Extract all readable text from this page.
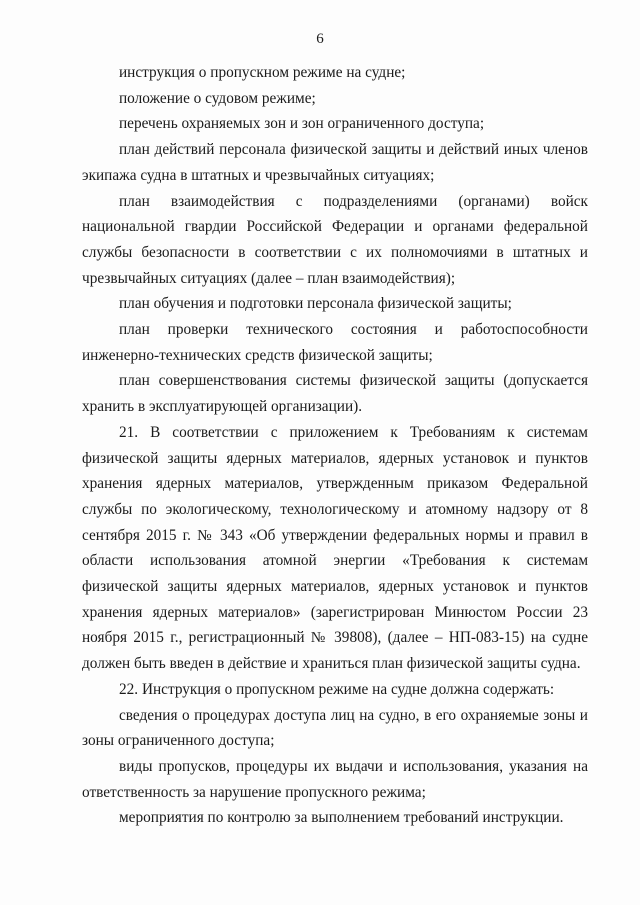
6

инструкция о пропускном режиме на судне;

положение о судовом режиме;

перечень охраняемых зон и зон ограниченного доступа;

план действий персонала физической защиты и действий иных членов экипажа судна в штатных и чрезвычайных ситуациях;

план взаимодействия с подразделениями (органами) войск национальной гвардии Российской Федерации и органами федеральной службы безопасности в соответствии с их полномочиями в штатных и чрезвычайных ситуациях (далее – план взаимодействия);

план обучения и подготовки персонала физической защиты;

план проверки технического состояния и работоспособности инженерно-технических средств физической защиты;

план совершенствования системы физической защиты (допускается хранить в эксплуатирующей организации).

21. В соответствии с приложением к Требованиям к системам физической защиты ядерных материалов, ядерных установок и пунктов хранения ядерных материалов, утвержденным приказом Федеральной службы по экологическому, технологическому и атомному надзору от 8 сентября 2015 г. № 343 «Об утверждении федеральных нормы и правил в области использования атомной энергии «Требования к системам физической защиты ядерных материалов, ядерных установок и пунктов хранения ядерных материалов» (зарегистрирован Минюстом России 23 ноября 2015 г., регистрационный № 39808), (далее – НП-083-15) на судне должен быть введен в действие и храниться план физической защиты судна.

22. Инструкция о пропускном режиме на судне должна содержать:

сведения о процедурах доступа лиц на судно, в его охраняемые зоны и зоны ограниченного доступа;

виды пропусков, процедуры их выдачи и использования, указания на ответственность за нарушение пропускного режима;

мероприятия по контролю за выполнением требований инструкции.
